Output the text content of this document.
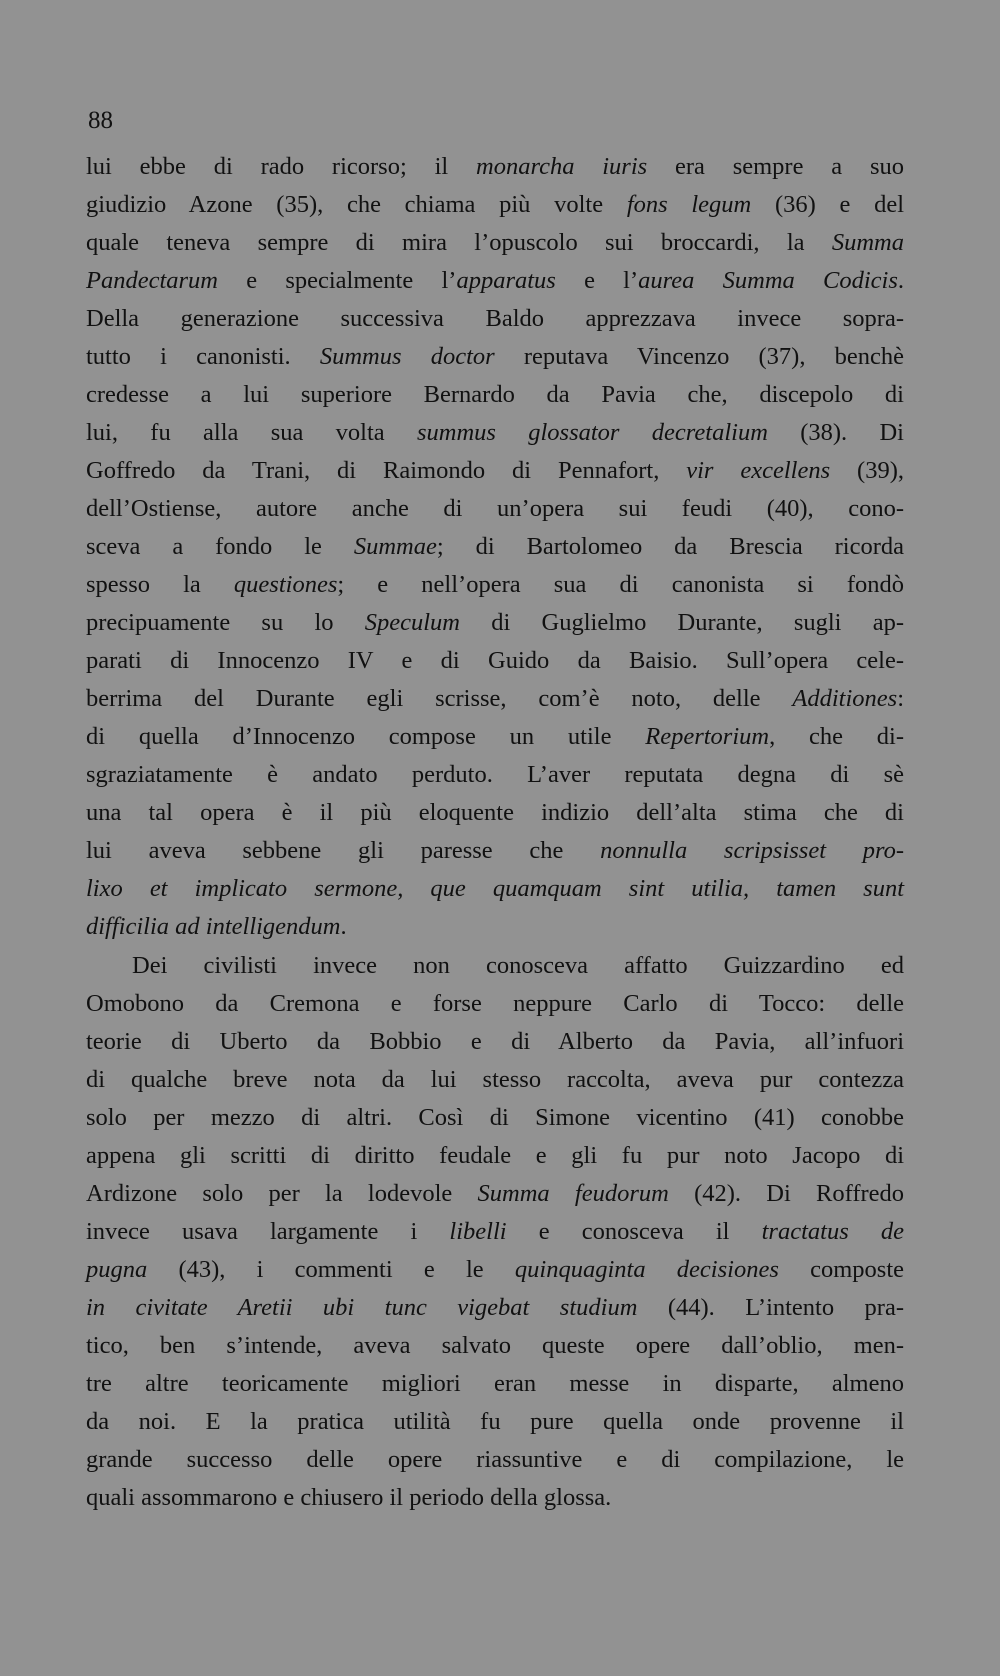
88
lui ebbe di rado ricorso; il monarcha iuris era sempre a suo
giudizio Azone (35), che chiama più volte fons legum (36) e del
quale teneva sempre di mira l’opuscolo sui broccardi, la Summa
Pandectarum e specialmente l’apparatus e l’aurea Summa Codicis.
Della generazione successiva Baldo apprezzava invece sopra-
tutto i canonisti. Summus doctor reputava Vincenzo (37), benchè
credesse a lui superiore Bernardo da Pavia che, discepolo di
lui, fu alla sua volta summus glossator decretalium (38). Di
Goffredo da Trani, di Raimondo di Pennafort, vir excellens (39),
dell’Ostiense, autore anche di un’opera sui feudi (40), cono-
sceva a fondo le Summae; di Bartolomeo da Brescia ricorda
spesso la questiones; e nell’opera sua di canonista si fondò
precipuamente su lo Speculum di Guglielmo Durante, sugli ap-
parati di Innocenzo IV e di Guido da Baisio. Sull’opera cele-
berrima del Durante egli scrisse, com’è noto, delle Additiones:
di quella d’Innocenzo compose un utile Repertorium, che di-
sgraziatamente è andato perduto. L’aver reputata degna di sè
una tal opera è il più eloquente indizio dell’alta stima che di
lui aveva sebbene gli paresse che nonnulla scripsisset pro-
lixo et implicato sermone, que quamquam sint utilia, tamen sunt
difficilia ad intelligendum.
Dei civilisti invece non conosceva affatto Guizzardino ed
Omobono da Cremona e forse neppure Carlo di Tocco: delle
teorie di Uberto da Bobbio e di Alberto da Pavia, all’infuori
di qualche breve nota da lui stesso raccolta, aveva pur contezza
solo per mezzo di altri. Così di Simone vicentino (41) conobbe
appena gli scritti di diritto feudale e gli fu pur noto Jacopo di
Ardizone solo per la lodevole Summa feudorum (42). Di Roffredo
invece usava largamente i libelli e conosceva il tractatus de
pugna (43), i commenti e le quinquaginta decisiones composte
in civitate Aretii ubi tunc vigebat studium (44). L’intento pra-
tico, ben s’intende, aveva salvato queste opere dall’oblio, men-
tre altre teoricamente migliori eran messe in disparte, almeno
da noi. E la pratica utilità fu pure quella onde provenne il
grande successo delle opere riassuntive e di compilazione, le
quali assommarono e chiusero il periodo della glossa.
